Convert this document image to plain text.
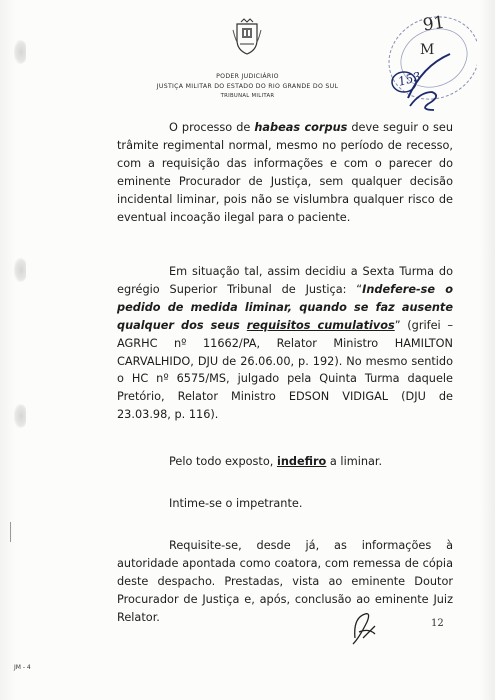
PODER JUDICIÁRIO
JUSTIÇA MILITAR DO ESTADO DO RIO GRANDE DO SUL
TRIBUNAL MILITAR
91
M
153
O processo de habeas corpus deve seguir o seu trâmite regimental normal, mesmo no período de recesso, com a requisição das informações e com o parecer do eminente Procurador de Justiça, sem qualquer decisão incidental liminar, pois não se vislumbra qualquer risco de eventual incoação ilegal para o paciente.
Em situação tal, assim decidiu a Sexta Turma do egrégio Superior Tribunal de Justiça: “Indefere-se o pedido de medida liminar, quando se faz ausente qualquer dos seus requisitos cumulativos” (grifei – AGRHC nº 11662/PA, Relator Ministro HAMILTON CARVALHIDO, DJU de 26.06.00, p. 192). No mesmo sentido o HC nº 6575/MS, julgado pela Quinta Turma daquele Pretório, Relator Ministro EDSON VIDIGAL (DJU de 23.03.98, p. 116).
Pelo todo exposto, indefiro a liminar.
Intime-se o impetrante.
Requisite-se, desde já, as informações à autoridade apontada como coatora, com remessa de cópia deste despacho. Prestadas, vista ao eminente Doutor Procurador de Justiça e, após, conclusão ao eminente Juiz Relator.	12
JM - 4
